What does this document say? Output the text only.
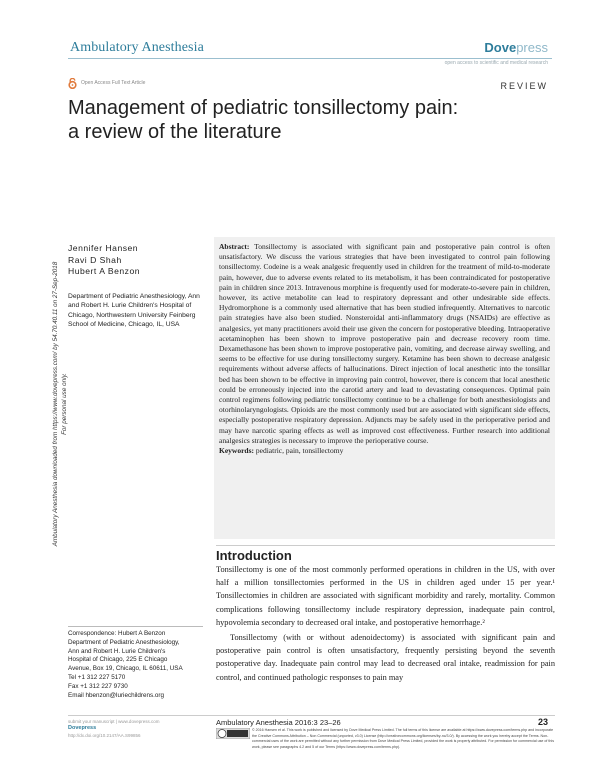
Ambulatory Anesthesia	Dovepress
open access to scientific and medical research
Open Access Full Text Article	REVIEW
Management of pediatric tonsillectomy pain:
a review of the literature
Ambulatory Anesthesia downloaded from https://www.dovepress.com/ by 54.70.40.11 on 27-Sep-2018 For personal use only.
Jennifer Hansen
Ravi D Shah
Hubert A Benzon
Department of Pediatric Anesthesiology, Ann and Robert H. Lurie Children's Hospital of Chicago, Northwestern University Feinberg School of Medicine, Chicago, IL, USA
Abstract: Tonsillectomy is associated with significant pain and postoperative pain control is often unsatisfactory. We discuss the various strategies that have been investigated to control pain following tonsillectomy. Codeine is a weak analgesic frequently used in children for the treatment of mild-to-moderate pain, however, due to adverse events related to its metabolism, it has been contraindicated for postoperative pain in children since 2013. Intravenous morphine is frequently used for moderate-to-severe pain in children, however, its active metabolite can lead to respiratory depressant and other undesirable side effects. Hydromorphone is a commonly used alternative that has been studied infrequently. Alternatives to narcotic pain strategies have also been studied. Nonsteroidal anti-inflammatory drugs (NSAIDs) are effective as analgesics, yet many practitioners avoid their use given the concern for postoperative bleeding. Intraoperative acetaminophen has been shown to improve postoperative pain and decrease recovery room time. Dexamethasone has been shown to improve postoperative pain, vomiting, and decrease airway swelling, and seems to be effective for use during tonsillectomy surgery. Ketamine has been shown to decrease analgesic requirements without adverse affects of hallucinations. Direct injection of local anesthetic into the tonsillar bed has been shown to be effective in improving pain control, however, there is concern that local anesthetic could be erroneously injected into the carotid artery and lead to devastating consequences. Optimal pain control regimens following pediatric tonsillectomy continue to be a challenge for both anesthesiologists and otorhinolaryngologists. Opioids are the most commonly used but are associated with significant side effects, especially postoperative respiratory depression. Adjuncts may be safely used in the perioperative period and may have narcotic sparing effects as well as improved cost effectiveness. Further research into additional analgesics strategies is necessary to improve the perioperative course.
Keywords: pediatric, pain, tonsillectomy
Correspondence: Hubert A Benzon
Department of Pediatric Anesthesiology,
Ann and Robert H. Lurie Children's
Hospital of Chicago, 225 E Chicago
Avenue, Box 19, Chicago, IL 60611, USA
Tel +1 312 227 5170
Fax +1 312 227 9730
Email hbenzon@luriechildrens.org
Introduction

Tonsillectomy is one of the most commonly performed operations in children in the US, with over half a million tonsillectomies performed in the US in children aged under 15 per year.¹ Tonsillectomies in children are associated with significant morbidity and rarely, mortality. Common complications following tonsillectomy include respiratory depression, inadequate pain control, hypovolemia secondary to decreased oral intake, and postoperative hemorrhage.²

Tonsillectomy (with or without adenoidectomy) is associated with significant pain and postoperative pain control is often unsatisfactory, frequently persisting beyond the seventh postoperative day. Inadequate pain control may lead to decreased oral intake, readmission for pain control, and continued pathologic responses to pain may

submit your manuscript | www.dovepress.com
Dovepress
http://dx.doi.org/10.2147/AA.S99856
Ambulatory Anesthesia 2016:3 23–26	23
© 2016 Hansen et al. This work is published and licensed by Dove Medical Press Limited. The full terms of this license are available at https://www.dovepress.com/terms.php and incorporate the Creative Commons Attribution – Non Commercial (unported, v3.0) License (http://creativecommons.org/licenses/by-nc/3.0/). By accessing the work you hereby accept the Terms. Non-commercial uses of the work are permitted without any further permission from Dove Medical Press Limited, provided the work is properly attributed. For permission for commercial use of this work, please see paragraphs 4.2 and 5 of our Terms (https://www.dovepress.com/terms.php).
